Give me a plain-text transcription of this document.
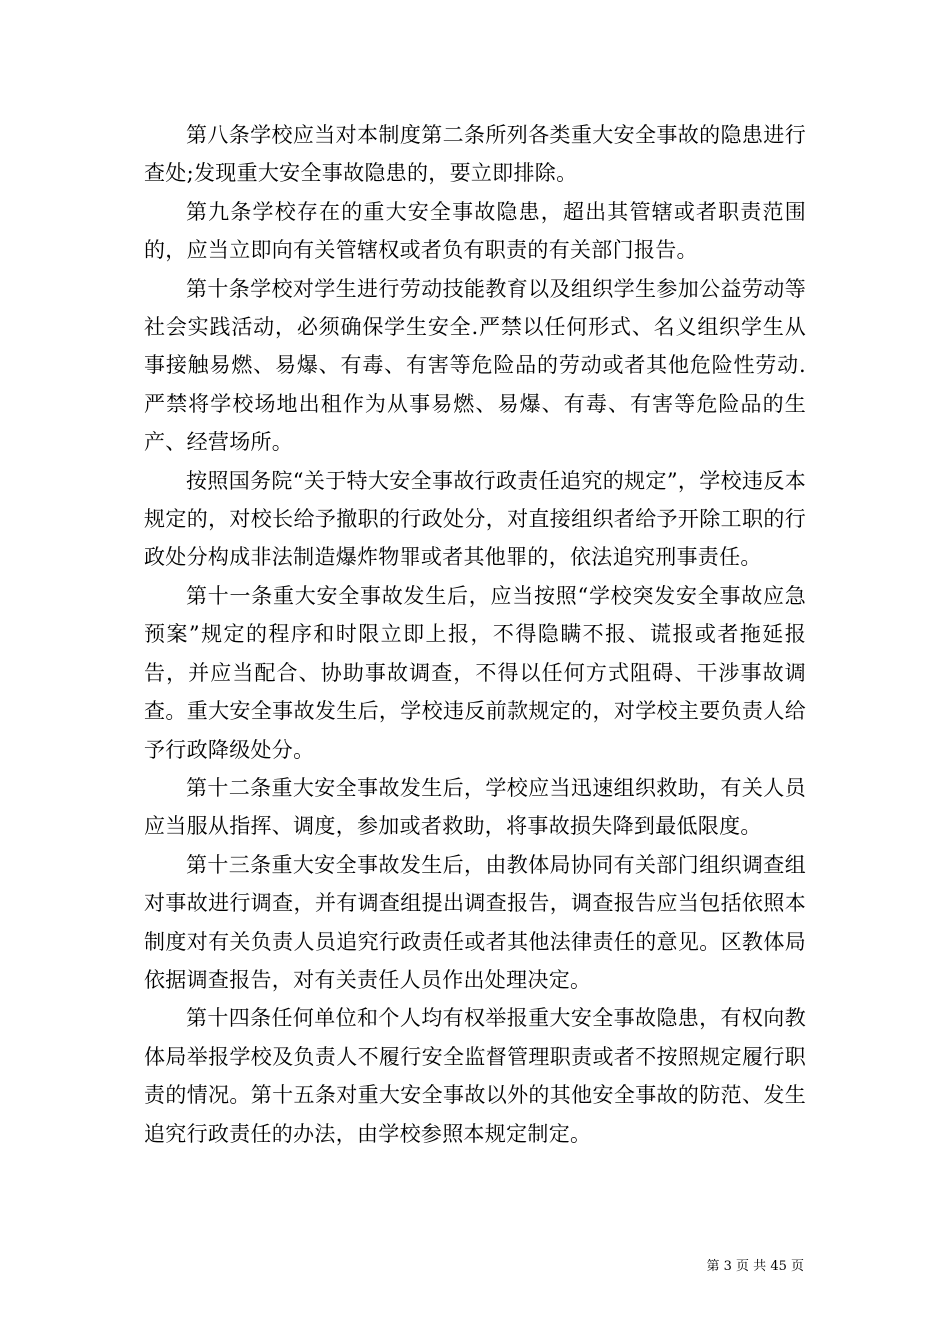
第八条学校应当对本制度第二条所列各类重大安全事故的隐患进行查处;发现重大安全事故隐患的，要立即排除。

第九条学校存在的重大安全事故隐患，超出其管辖或者职责范围的，应当立即向有关管辖权或者负有职责的有关部门报告。

第十条学校对学生进行劳动技能教育以及组织学生参加公益劳动等社会实践活动，必须确保学生安全.严禁以任何形式、名义组织学生从事接触易燃、易爆、有毒、有害等危险品的劳动或者其他危险性劳动.严禁将学校场地出租作为从事易燃、易爆、有毒、有害等危险品的生产、经营场所。

按照国务院“关于特大安全事故行政责任追究的规定”，学校违反本规定的，对校长给予撤职的行政处分，对直接组织者给予开除工职的行政处分构成非法制造爆炸物罪或者其他罪的，依法追究刑事责任。

第十一条重大安全事故发生后，应当按照“学校突发安全事故应急预案”规定的程序和时限立即上报，不得隐瞒不报、谎报或者拖延报告，并应当配合、协助事故调查，不得以任何方式阻碍、干涉事故调查。重大安全事故发生后，学校违反前款规定的，对学校主要负责人给予行政降级处分。

第十二条重大安全事故发生后，学校应当迅速组织救助，有关人员应当服从指挥、调度，参加或者救助，将事故损失降到最低限度。

第十三条重大安全事故发生后，由教体局协同有关部门组织调查组对事故进行调查，并有调查组提出调查报告，调查报告应当包括依照本制度对有关负责人员追究行政责任或者其他法律责任的意见。区教体局依据调查报告，对有关责任人员作出处理决定。

第十四条任何单位和个人均有权举报重大安全事故隐患，有权向教体局举报学校及负责人不履行安全监督管理职责或者不按照规定履行职责的情况。第十五条对重大安全事故以外的其他安全事故的防范、发生追究行政责任的办法，由学校参照本规定制定。

第 3 页 共 45 页
